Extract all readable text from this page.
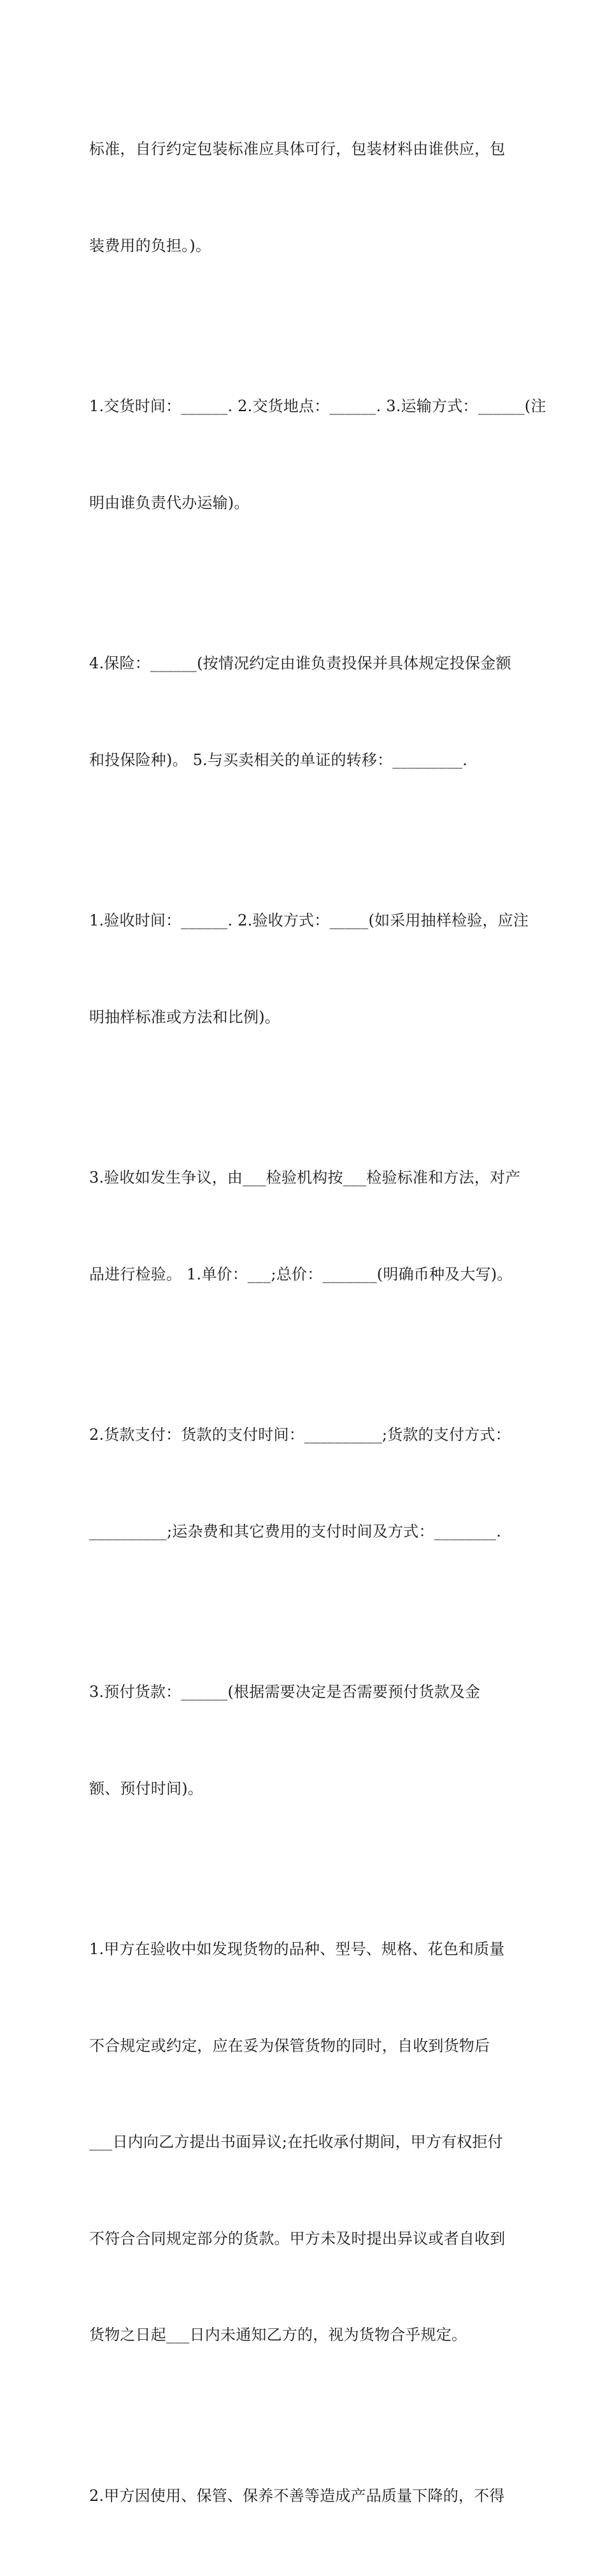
标准，自行约定包装标准应具体可行，包装材料由谁供应，包

装费用的负担。)。

1.交货时间：______. 2.交货地点：______. 3.运输方式：______(注

明由谁负责代办运输)。

4.保险：______(按情况约定由谁负责投保并具体规定投保金额

和投保险种)。 5.与买卖相关的单证的转移：_________.

1.验收时间：______. 2.验收方式：_____(如采用抽样检验，应注

明抽样标准或方法和比例)。

3.验收如发生争议，由___检验机构按___检验标准和方法，对产

品进行检验。 1.单价：___;总价：_______(明确币种及大写)。

2.货款支付：货款的支付时间：__________;货款的支付方式：

__________;运杂费和其它费用的支付时间及方式：________.

3.预付货款：______(根据需要决定是否需要预付货款及金

额、预付时间)。

1.甲方在验收中如发现货物的品种、型号、规格、花色和质量

不合规定或约定，应在妥为保管货物的同时，自收到货物后

___日内向乙方提出书面异议;在托收承付期间，甲方有权拒付

不符合合同规定部分的货款。甲方未及时提出异议或者自收到

货物之日起___日内未通知乙方的，视为货物合乎规定。

2.甲方因使用、保管、保养不善等造成产品质量下降的，不得
